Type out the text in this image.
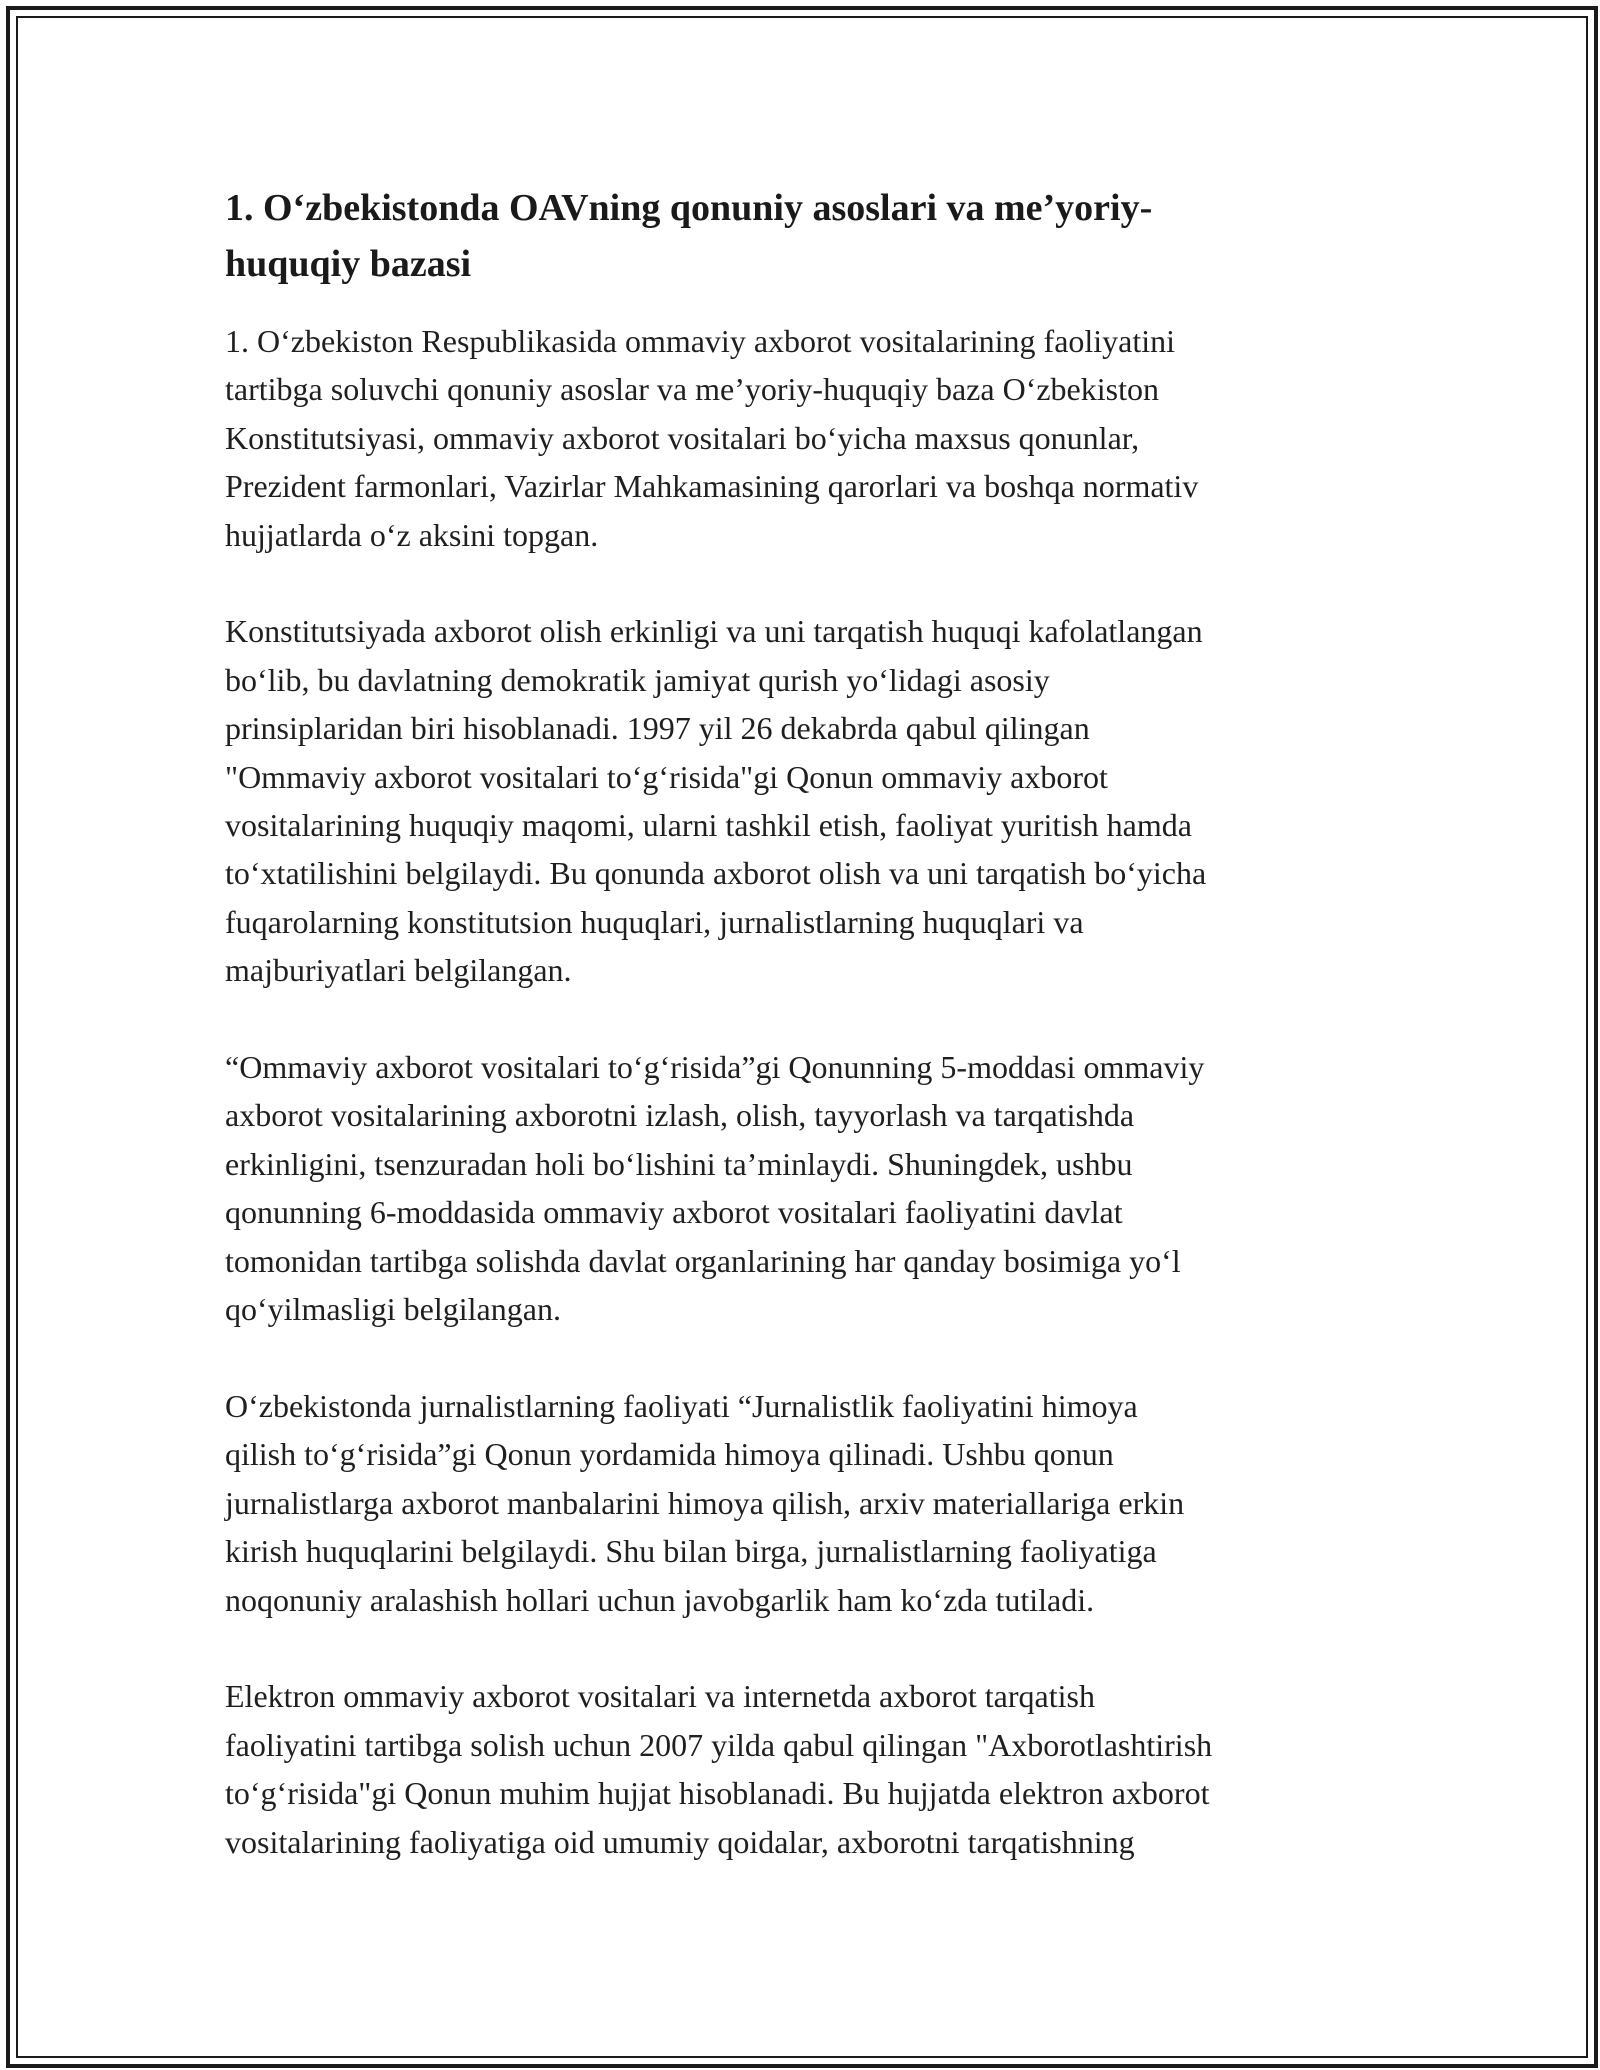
1. O‘zbekistonda OAVning qonuniy asoslari va me’yoriy-
huquqiy bazasi

1. O‘zbekiston Respublikasida ommaviy axborot vositalarining faoliyatini
tartibga soluvchi qonuniy asoslar va me’yoriy-huquqiy baza O‘zbekiston
Konstitutsiyasi, ommaviy axborot vositalari bo‘yicha maxsus qonunlar,
Prezident farmonlari, Vazirlar Mahkamasining qarorlari va boshqa normativ
hujjatlarda o‘z aksini topgan.

Konstitutsiyada axborot olish erkinligi va uni tarqatish huquqi kafolatlangan
bo‘lib, bu davlatning demokratik jamiyat qurish yo‘lidagi asosiy
prinsiplaridan biri hisoblanadi. 1997 yil 26 dekabrda qabul qilingan
"Ommaviy axborot vositalari to‘g‘risida"gi Qonun ommaviy axborot
vositalarining huquqiy maqomi, ularni tashkil etish, faoliyat yuritish hamda
to‘xtatilishini belgilaydi. Bu qonunda axborot olish va uni tarqatish bo‘yicha
fuqarolarning konstitutsion huquqlari, jurnalistlarning huquqlari va
majburiyatlari belgilangan.

“Ommaviy axborot vositalari to‘g‘risida”gi Qonunning 5-moddasi ommaviy
axborot vositalarining axborotni izlash, olish, tayyorlash va tarqatishda
erkinligini, tsenzuradan holi bo‘lishini ta’minlaydi. Shuningdek, ushbu
qonunning 6-moddasida ommaviy axborot vositalari faoliyatini davlat
tomonidan tartibga solishda davlat organlarining har qanday bosimiga yo‘l
qo‘yilmasligi belgilangan.

O‘zbekistonda jurnalistlarning faoliyati “Jurnalistlik faoliyatini himoya
qilish to‘g‘risida”gi Qonun yordamida himoya qilinadi. Ushbu qonun
jurnalistlarga axborot manbalarini himoya qilish, arxiv materiallariga erkin
kirish huquqlarini belgilaydi. Shu bilan birga, jurnalistlarning faoliyatiga
noqonuniy aralashish hollari uchun javobgarlik ham ko‘zda tutiladi.

Elektron ommaviy axborot vositalari va internetda axborot tarqatish
faoliyatini tartibga solish uchun 2007 yilda qabul qilingan "Axborotlashtirish
to‘g‘risida"gi Qonun muhim hujjat hisoblanadi. Bu hujjatda elektron axborot
vositalarining faoliyatiga oid umumiy qoidalar, axborotni tarqatishning
